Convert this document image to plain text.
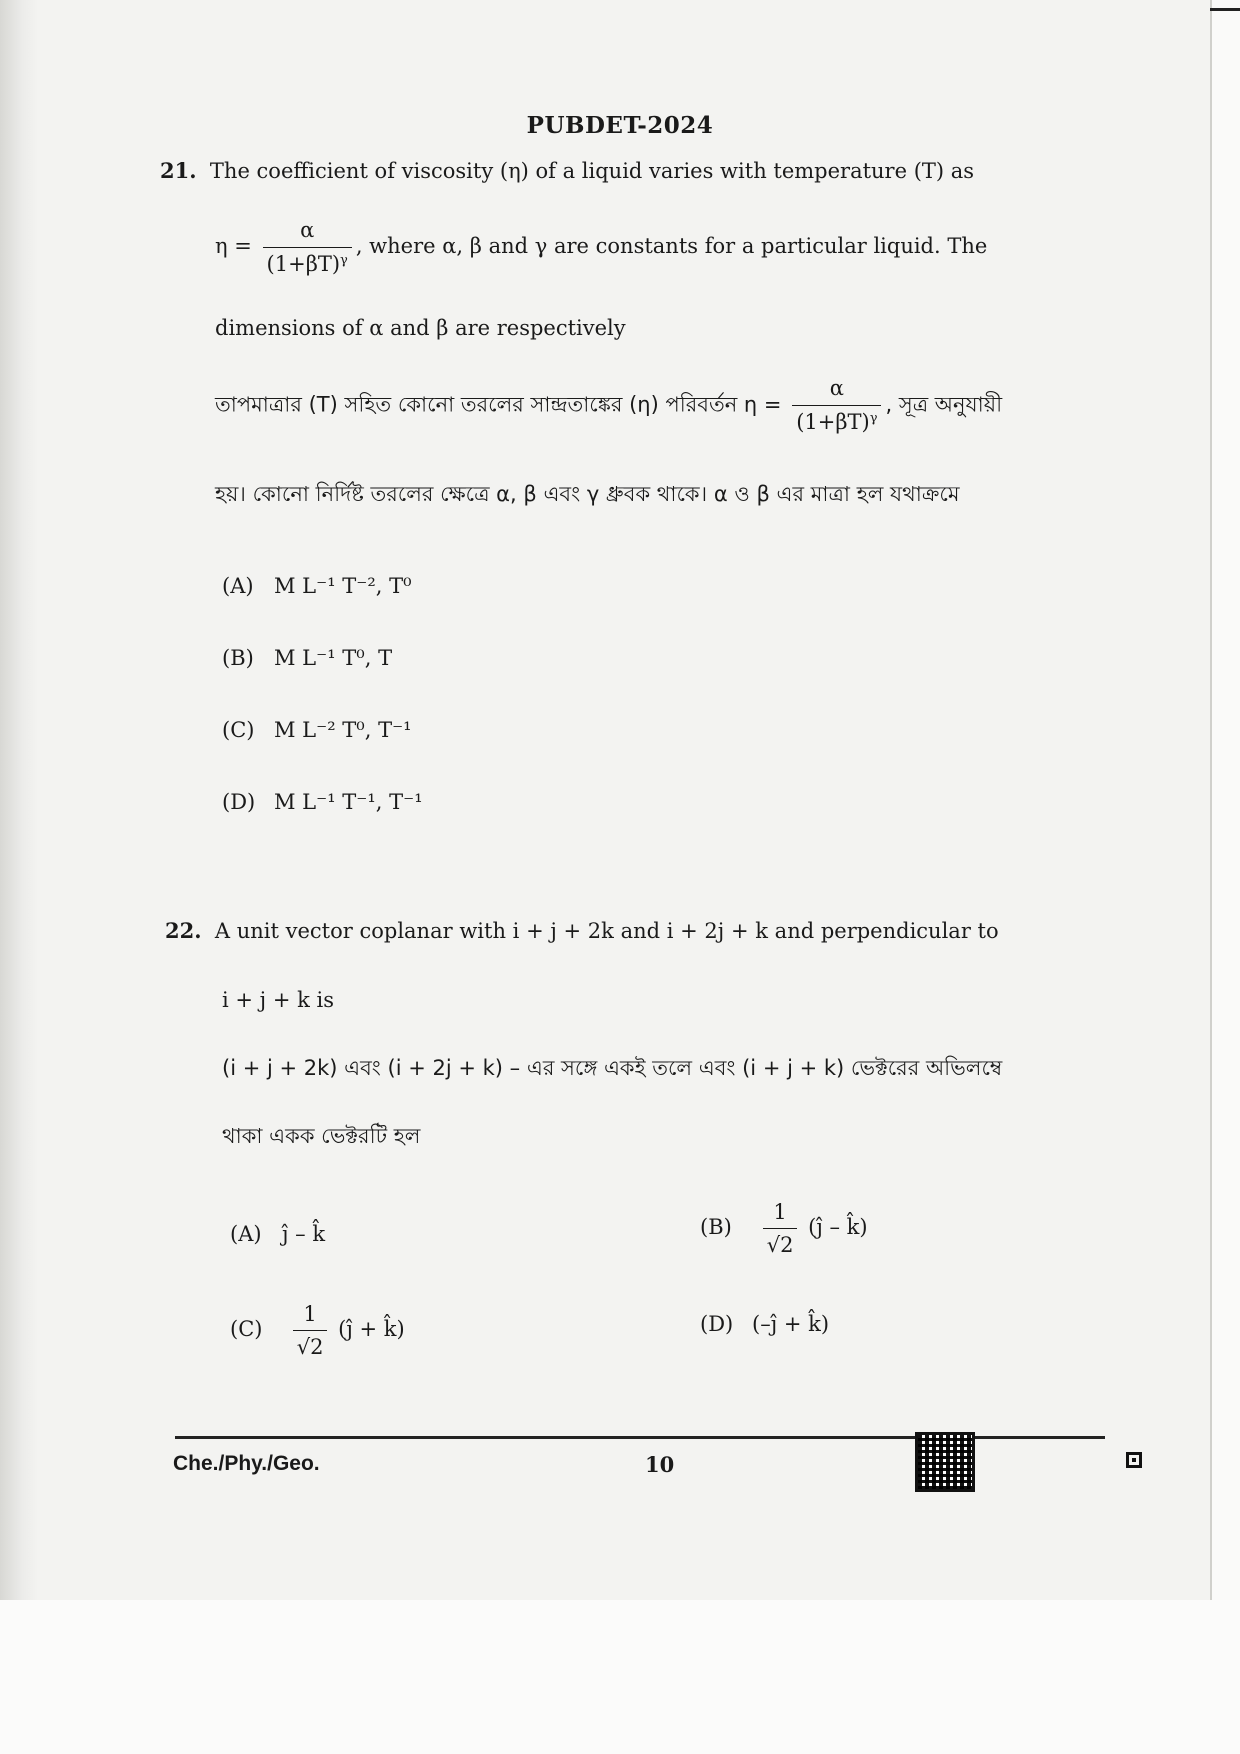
PUBDET-2024
21. The coefficient of viscosity (η) of a liquid varies with temperature (T) as
$\eta = \frac{\alpha}{(1+\beta T)^\gamma}$ , where α, β and γ are constants for a particular liquid. The
dimensions of α and β are respectively
তাপমাত্রার (T) সহিত কোনো তরলের সান্দ্রতাঙ্কের (η) পরিবর্তন $\eta = \frac{\alpha}{(1+\beta T)^\gamma}$ , সূত্র অনুযায়ী
হয়। কোনো নির্দিষ্ট তরলের ক্ষেত্রে α, β এবং γ ধ্রুবক থাকে। α ও β এর মাত্রা হল যথাক্রমে
(A) M L⁻¹ T⁻², T⁰
(B) M L⁻¹ T⁰, T
(C) M L⁻² T⁰, T⁻¹
(D) M L⁻¹ T⁻¹, T⁻¹
22. A unit vector coplanar with i + j + 2k and i + 2j + k and perpendicular to
i + j + k is
(i + j + 2k) এবং (i + 2j + k) – এর সঙ্গে একই তলে এবং (i + j + k) ভেক্টরের অভিলম্বে
থাকা একক ভেক্টরটি হল
(A) ĵ – k̂	$(B) \frac{1}{√2}$ (ĵ – k̂)
$(C) \frac{1}{√2}$ (ĵ + k̂)	(D) (–ĵ + k̂)
Che./Phy./Geo.	10
